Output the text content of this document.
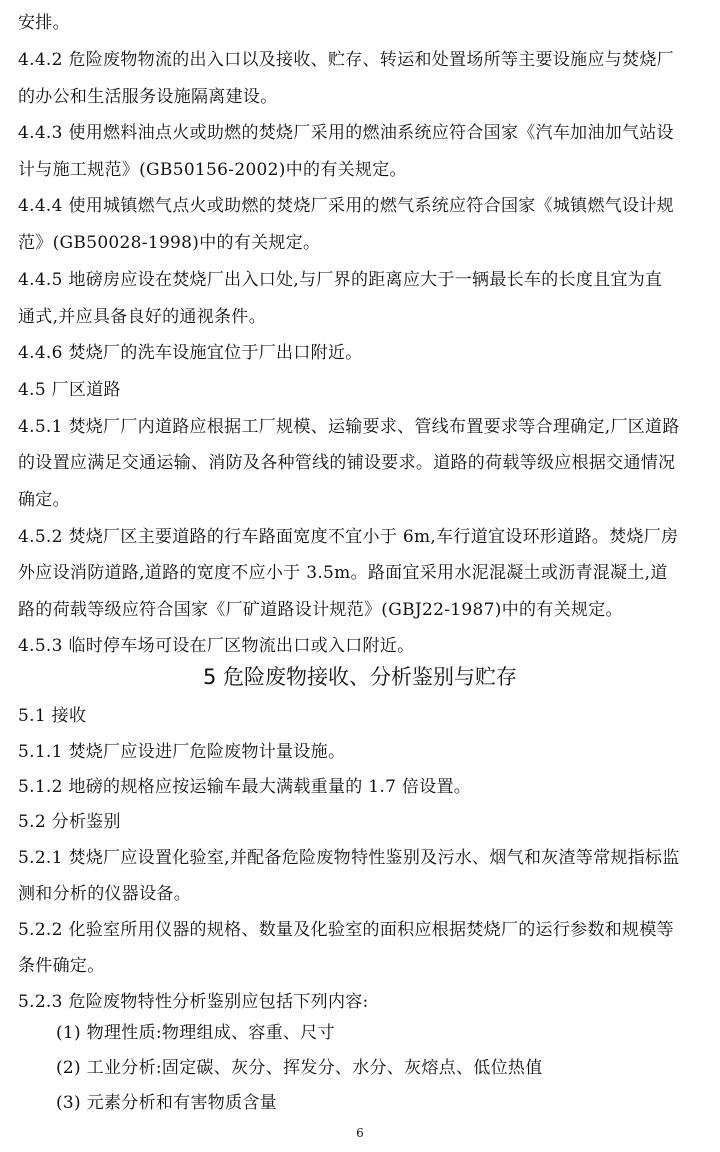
安排。
4.4.2 危险废物物流的出入口以及接收、贮存、转运和处置场所等主要设施应与焚烧厂
的办公和生活服务设施隔离建设。
4.4.3 使用燃料油点火或助燃的焚烧厂采用的燃油系统应符合国家《汽车加油加气站设
计与施工规范》(GB50156-2002)中的有关规定。
4.4.4 使用城镇燃气点火或助燃的焚烧厂采用的燃气系统应符合国家《城镇燃气设计规
范》(GB50028-1998)中的有关规定。
4.4.5 地磅房应设在焚烧厂出入口处,与厂界的距离应大于一辆最长车的长度且宜为直
通式,并应具备良好的通视条件。
4.4.6 焚烧厂的洗车设施宜位于厂出口附近。
4.5 厂区道路
4.5.1 焚烧厂厂内道路应根据工厂规模、运输要求、管线布置要求等合理确定,厂区道路
的设置应满足交通运输、消防及各种管线的铺设要求。道路的荷载等级应根据交通情况
确定。
4.5.2 焚烧厂区主要道路的行车路面宽度不宜小于 6m,车行道宜设环形道路。焚烧厂房
外应设消防道路,道路的宽度不应小于 3.5m。路面宜采用水泥混凝土或沥青混凝土,道
路的荷载等级应符合国家《厂矿道路设计规范》(GBJ22-1987)中的有关规定。
4.5.3 临时停车场可设在厂区物流出口或入口附近。
5 危险废物接收、分析鉴别与贮存
5.1 接收
5.1.1 焚烧厂应设进厂危险废物计量设施。
5.1.2 地磅的规格应按运输车最大满载重量的 1.7 倍设置。
5.2 分析鉴别
5.2.1 焚烧厂应设置化验室,并配备危险废物特性鉴别及污水、烟气和灰渣等常规指标监
测和分析的仪器设备。
5.2.2 化验室所用仪器的规格、数量及化验室的面积应根据焚烧厂的运行参数和规模等
条件确定。
5.2.3 危险废物特性分析鉴别应包括下列内容:
(1) 物理性质:物理组成、容重、尺寸
(2) 工业分析:固定碳、灰分、挥发分、水分、灰熔点、低位热值
(3) 元素分析和有害物质含量
6
